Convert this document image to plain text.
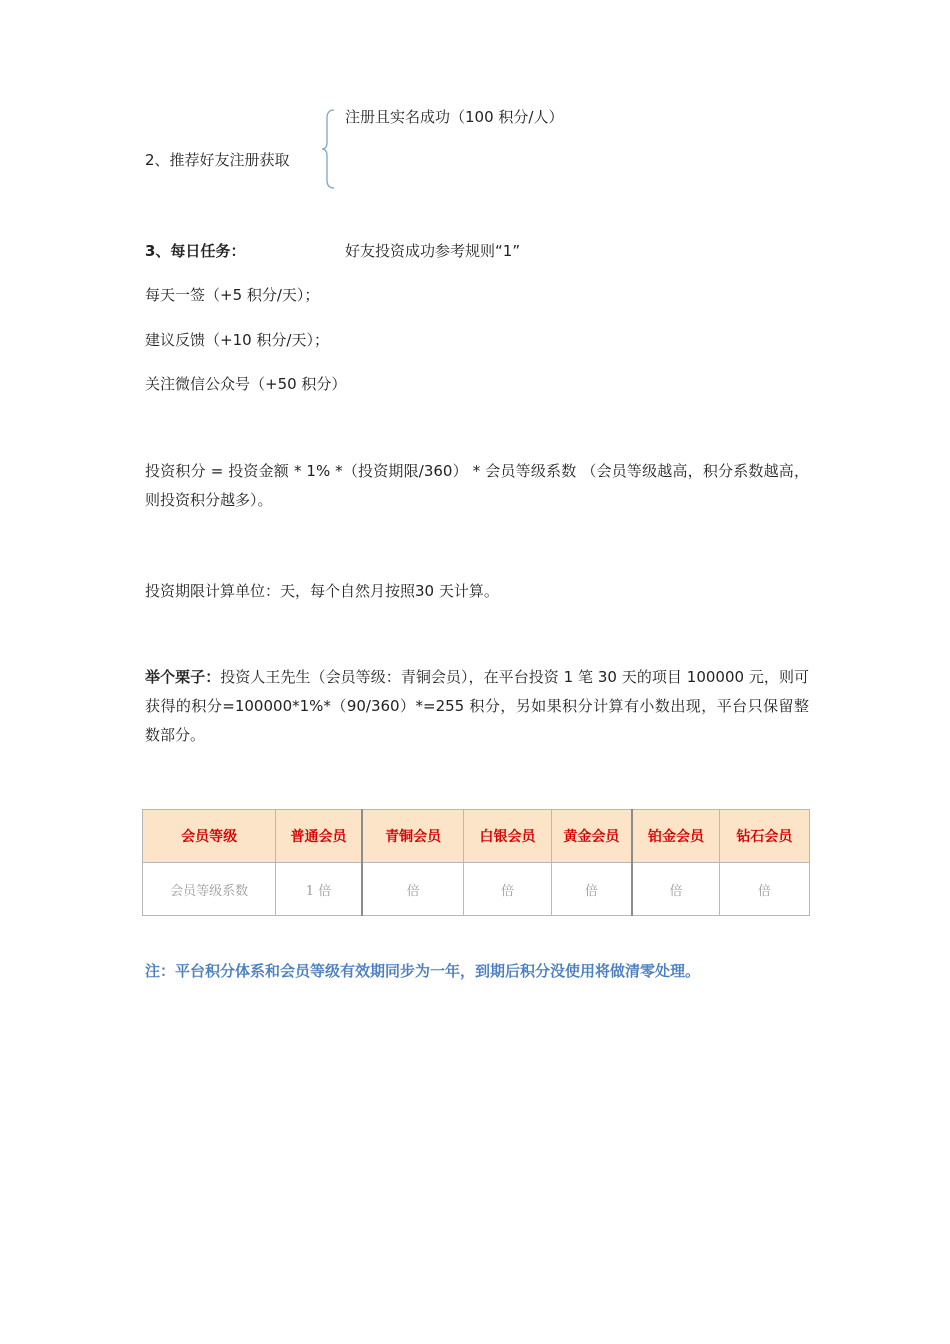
2、推荐好友注册获取
注册且实名成功（100 积分/人）
3、每日任务：	好友投资成功参考规则“1”
每天一签（+5 积分/天）；
建议反馈（+10 积分/天）；
关注微信公众号（+50 积分）
投资积分 = 投资金额 * 1% *（投资期限/360） * 会员等级系数 （会员等级越高，积分系数越高，则投资积分越多）。
投资期限计算单位：天，每个自然月按照30 天计算。
举个栗子：投资人王先生（会员等级：青铜会员），在平台投资 1 笔 30 天的项目 100000 元，则可获得的积分=100000*1%*（90/360）*=255 积分，另如果积分计算有小数出现，平台只保留整数部分。
会员等级	普通会员	青铜会员	白银会员	黄金会员	铂金会员	钻石会员
会员等级系数	1 倍	倍	倍	倍	倍	倍
注：平台积分体系和会员等级有效期同步为一年，到期后积分没使用将做清零处理。
